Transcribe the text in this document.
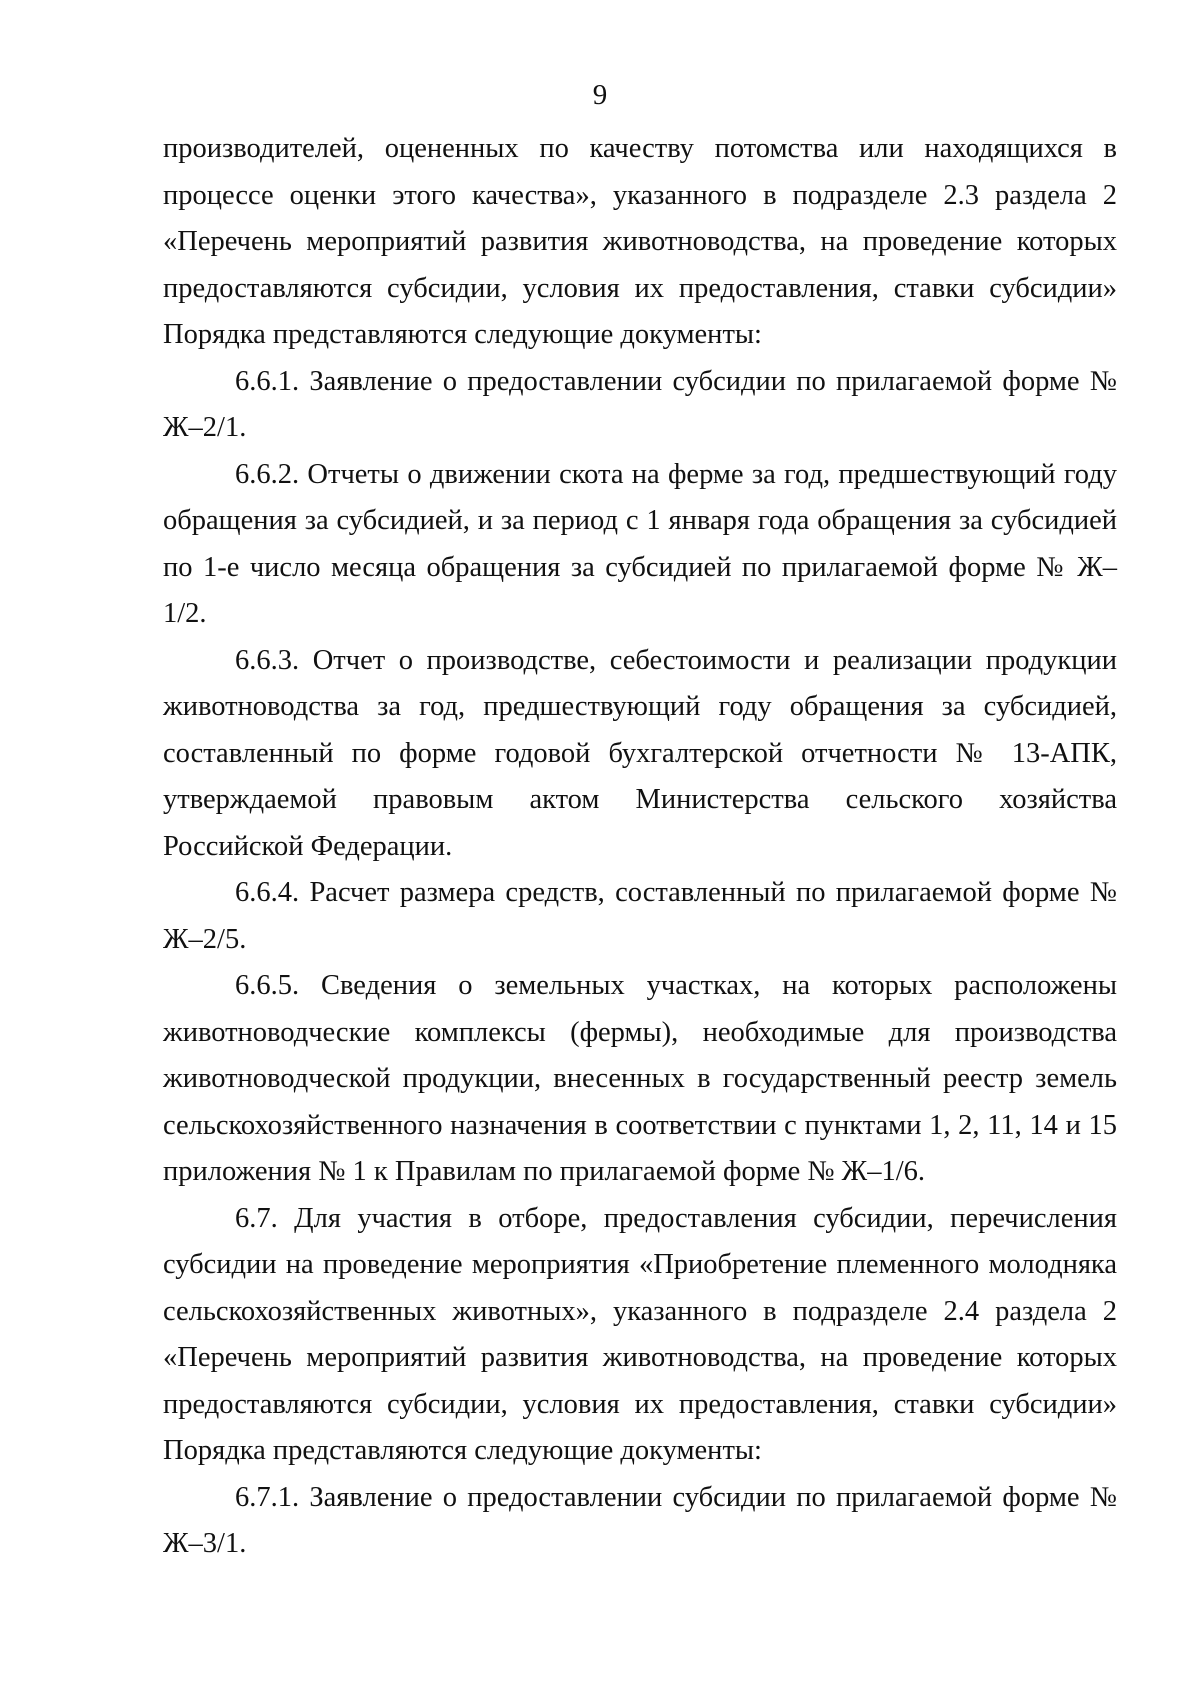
9

производителей, оцененных по качеству потомства или находящихся в процессе оценки этого качества», указанного в подразделе 2.3 раздела 2 «Перечень мероприятий развития животноводства, на проведение которых предоставляются субсидии, условия их предоставления, ставки субсидии» Порядка представляются следующие документы:

6.6.1. Заявление о предоставлении субсидии по прилагаемой форме № Ж–2/1.

6.6.2. Отчеты о движении скота на ферме за год, предшествующий году обращения за субсидией, и за период с 1 января года обращения за субсидией по 1-е число месяца обращения за субсидией по прилагаемой форме № Ж–1/2.

6.6.3. Отчет о производстве, себестоимости и реализации продукции животноводства за год, предшествующий году обращения за субсидией, составленный по форме годовой бухгалтерской отчетности № 13-АПК, утверждаемой правовым актом Министерства сельского хозяйства Российской Федерации.

6.6.4. Расчет размера средств, составленный по прилагаемой форме № Ж–2/5.

6.6.5. Сведения о земельных участках, на которых расположены животноводческие комплексы (фермы), необходимые для производства животноводческой продукции, внесенных в государственный реестр земель сельскохозяйственного назначения в соответствии с пунктами 1, 2, 11, 14 и 15 приложения № 1 к Правилам по прилагаемой форме № Ж–1/6.

6.7. Для участия в отборе, предоставления субсидии, перечисления субсидии на проведение мероприятия «Приобретение племенного молодняка сельскохозяйственных животных», указанного в подразделе 2.4 раздела 2 «Перечень мероприятий развития животноводства, на проведение которых предоставляются субсидии, условия их предоставления, ставки субсидии» Порядка представляются следующие документы:

6.7.1. Заявление о предоставлении субсидии по прилагаемой форме № Ж–3/1.
